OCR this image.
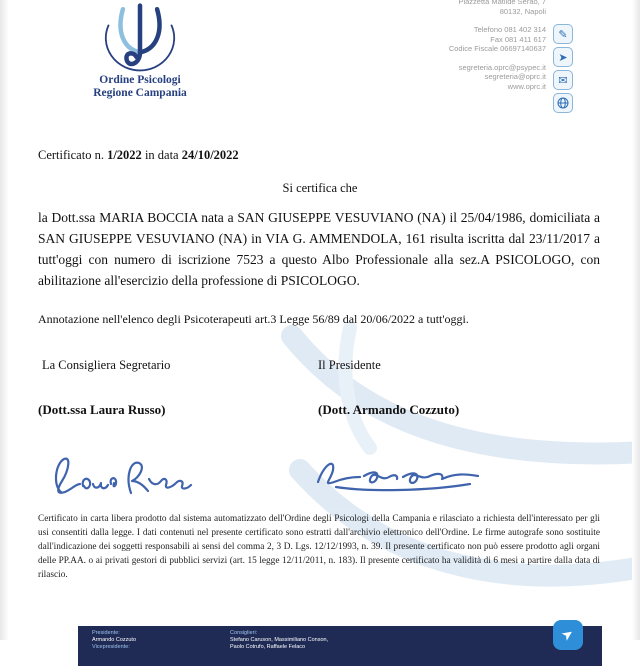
Ordine Psicologi
Regione Campania
Piazzetta Matilde Serao, 7
80132, Napoli
Telefono 081 402 314
Fax 081 411 617
Codice Fiscale 06697140637
segreteria.oprc@psypec.it
segreteria@oprc.it
www.oprc.it
✎
➤
✉
Certificato n. 1/2022 in data 24/10/2022
Si certifica che
la Dott.ssa MARIA BOCCIA nata a SAN GIUSEPPE VESUVIANO (NA) il 25/04/1986, domiciliata a SAN GIUSEPPE VESUVIANO (NA) in VIA G. AMMENDOLA, 161 risulta iscritta dal 23/11/2017 a tutt'oggi con numero di iscrizione 7523 a questo Albo Professionale alla sez.A PSICOLOGO, con abilitazione all'esercizio della professione di PSICOLOGO.
Annotazione nell'elenco degli Psicoterapeuti art.3 Legge 56/89 dal 20/06/2022 a tutt'oggi.
La Consigliera Segretario	Il Presidente
(Dott.ssa Laura Russo)	(Dott. Armando Cozzuto)
Certificato in carta libera prodotto dal sistema automatizzato dell'Ordine degli Psicologi della Campania e rilasciato a richiesta dell'interessato per gli usi consentiti dalla legge. I dati contenuti nel presente certificato sono estratti dall'archivio elettronico dell'Ordine. Le firme autografe sono sostituite dall'indicazione dei soggetti responsabili ai sensi del comma 2, 3 D. Lgs. 12/12/1993, n. 39. Il presente certificato non può essere prodotto agli organi delle PP.AA. o ai privati gestori di pubblici servizi (art. 15 legge 12/11/2011, n. 183). Il presente certificato ha validità di 6 mesi a partire dalla data di rilascio.
Presidente:
Armando Cozzuto
Vicepresidente:
Consiglieri:
Stefano Caruson, Massimiliano Conson,
Paolo Cotrufo, Raffaele Felaco
➤
